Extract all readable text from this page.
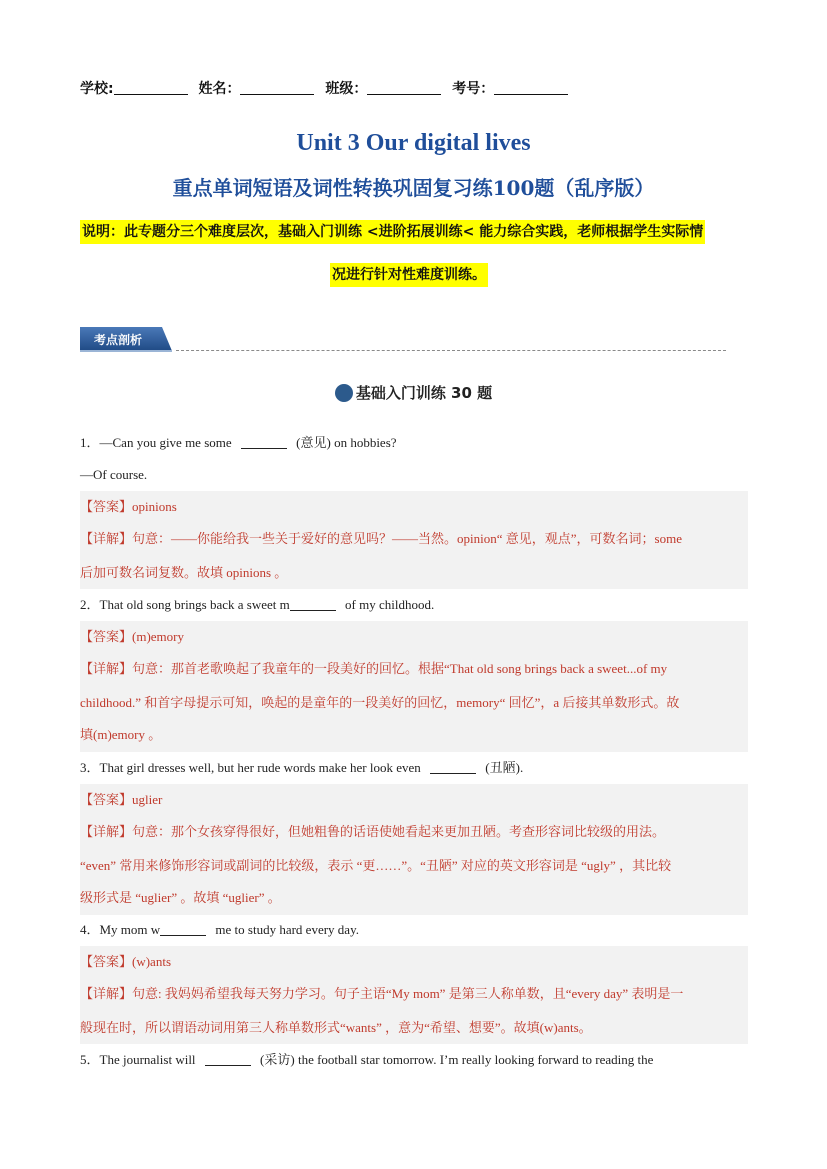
学校:	姓名：	班级：	考号：
Unit 3 Our digital lives
重点单词短语及词性转换巩固复习练100题（乱序版）
说明：此专题分三个难度层次，基础入门训练 <进阶拓展训练< 能力综合实践，老师根据学生实际情
况进行针对性难度训练。
考点剖析
基础入门训练 30 题
1．—Can you give me some	(意见) on hobbies?
—Of course.
【答案】opinions
【详解】句意：——你能给我一些关于爱好的意见吗？——当然。opinion“ 意见，观点”，可数名词；some
后加可数名词复数。故填 opinions 。
2．That old song brings back a sweet m	of my childhood.
【答案】(m)emory
【详解】句意：那首老歌唤起了我童年的一段美好的回忆。根据“That old song brings back a sweet...of my
childhood.” 和首字母提示可知，唤起的是童年的一段美好的回忆，memory“ 回忆”，a 后接其单数形式。故
填(m)emory 。
3．That girl dresses well, but her rude words make her look even	(丑陋).
【答案】uglier
【详解】句意：那个女孩穿得很好，但她粗鲁的话语使她看起来更加丑陋。考查形容词比较级的用法。
“even” 常用来修饰形容词或副词的比较级，表示 “更……”。“丑陋” 对应的英文形容词是 “ugly” ，其比较
级形式是 “uglier” 。故填 “uglier” 。
4．My mom w	me to study hard every day.
【答案】(w)ants
【详解】句意: 我妈妈希望我每天努力学习。句子主语“My mom” 是第三人称单数，且“every day” 表明是一
般现在时，所以谓语动词用第三人称单数形式“wants” ，意为“希望、想要”。故填(w)ants。
5．The journalist will	(采访) the football star tomorrow. I’m really looking forward to reading the
